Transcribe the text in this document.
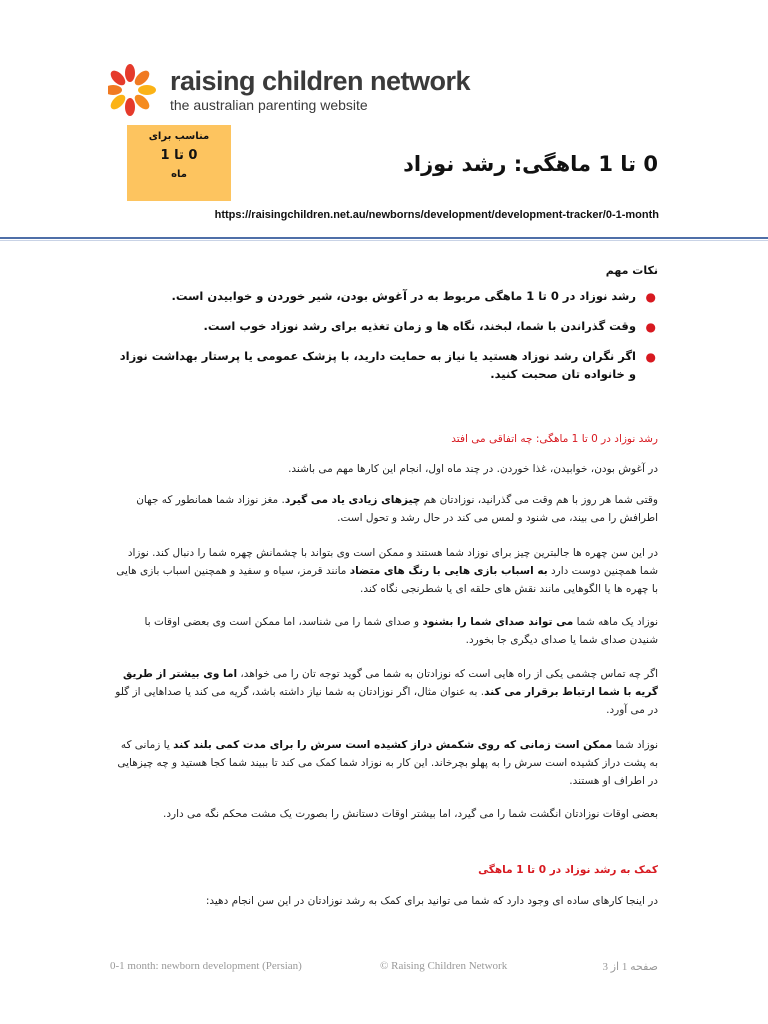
raising children network
the australian parenting website
مناسب برای
0 تا 1
ماه	0 تا 1 ماهگی: رشد نوزاد
https://raisingchildren.net.au/newborns/development/development-tracker/0-1-month
نکات مهم
●
رشد نوزاد در 0 تا 1 ماهگی مربوط به در آغوش بودن، شیر خوردن و خوابیدن است.
●
وقت گذراندن با شما، لبخند، نگاه ها و زمان تغذیه برای رشد نوزاد خوب است.
●
اگر نگران رشد نوزاد هستید یا نیاز به حمایت دارید، با پزشک عمومی یا پرستار بهداشت نوزاد و خانواده تان صحبت کنید.
رشد نوزاد در 0 تا 1 ماهگی: چه اتفاقی می افتد
در آغوش بودن، خوابیدن، غذا خوردن. در چند ماه اول، انجام این کارها مهم می باشند.
وقتی شما هر روز با هم وقت می گذرانید، نوزادتان هم چیزهای زیادی یاد می گیرد. مغز نوزاد شما همانطور که جهان اطرافش را می بیند، می شنود و لمس می کند در حال رشد و تحول است.
در این سن چهره ها جالبترین چیز برای نوزاد شما هستند و ممکن است وی بتواند با چشمانش چهره شما را دنبال کند. نوزاد شما همچنین دوست دارد به اسباب بازی هایی با رنگ های متضاد مانند قرمز، سیاه و سفید و همچنین اسباب بازی هایی با چهره ها یا الگوهایی مانند نقش های حلقه ای یا شطرنجی نگاه کند.
نوزاد یک ماهه شما می تواند صدای شما را بشنود و صدای شما را می شناسد، اما ممکن است وی بعضی اوقات با شنیدن صدای شما یا صدای دیگری جا بخورد.
اگر چه تماس چشمی یکی از راه هایی است که نوزادتان به شما می گوید توجه تان را می خواهد، اما وی بیشتر از طریق گریه با شما ارتباط برقرار می کند. به عنوان مثال، اگر نوزادتان به شما نیاز داشته باشد، گریه می کند یا صداهایی از گلو در می آورد.
نوزاد شما ممکن است زمانی که روی شکمش دراز کشیده است سرش را برای مدت کمی بلند کند یا زمانی که به پشت دراز کشیده است سرش را به پهلو بچرخاند. این کار به نوزاد شما کمک می کند تا ببیند شما کجا هستید و چه چیزهایی در اطراف او هستند.
بعضی اوقات نوزادتان انگشت شما را می گیرد، اما بیشتر اوقات دستانش را بصورت یک مشت محکم نگه می دارد.
کمک به رشد نوزاد در 0 تا 1 ماهگی
در اینجا کارهای ساده ای وجود دارد که شما می توانید برای کمک به رشد نوزادتان در این سن انجام دهید:
0-1 month: newborn development (Persian)	© Raising Children Network	صفحه 1 از 3
